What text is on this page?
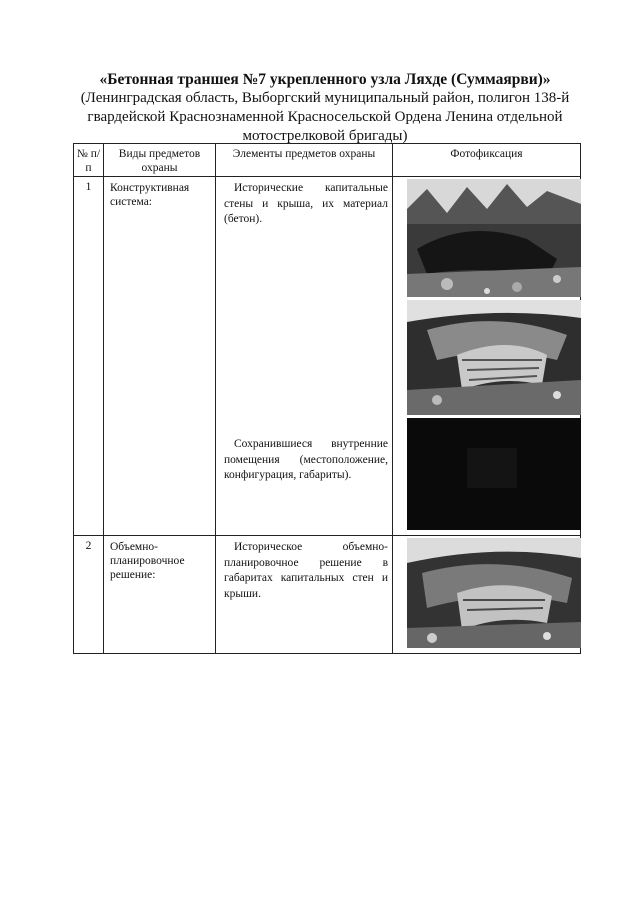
«Бетонная траншея №7 укрепленного узла Ляхде (Суммаярви)»

(Ленинградская область, Выборгский муниципальный район, полигон 138-й гвардейской Краснознаменной Красносельской Ордена Ленина отдельной мотострелковой бригады)

№ п/п	Виды предметов охраны	Элементы предметов охраны	Фотофиксация
1	Конструктивная система:	Исторические капитальные стены и крыша, их материал (бетон).
Сохранившиеся внутренние помещения (местоположение, конфигурация, габариты).

2	Объемно-планировочное решение:	Историческое объемно-планировочное решение в габаритах капитальных стен и крыши.
